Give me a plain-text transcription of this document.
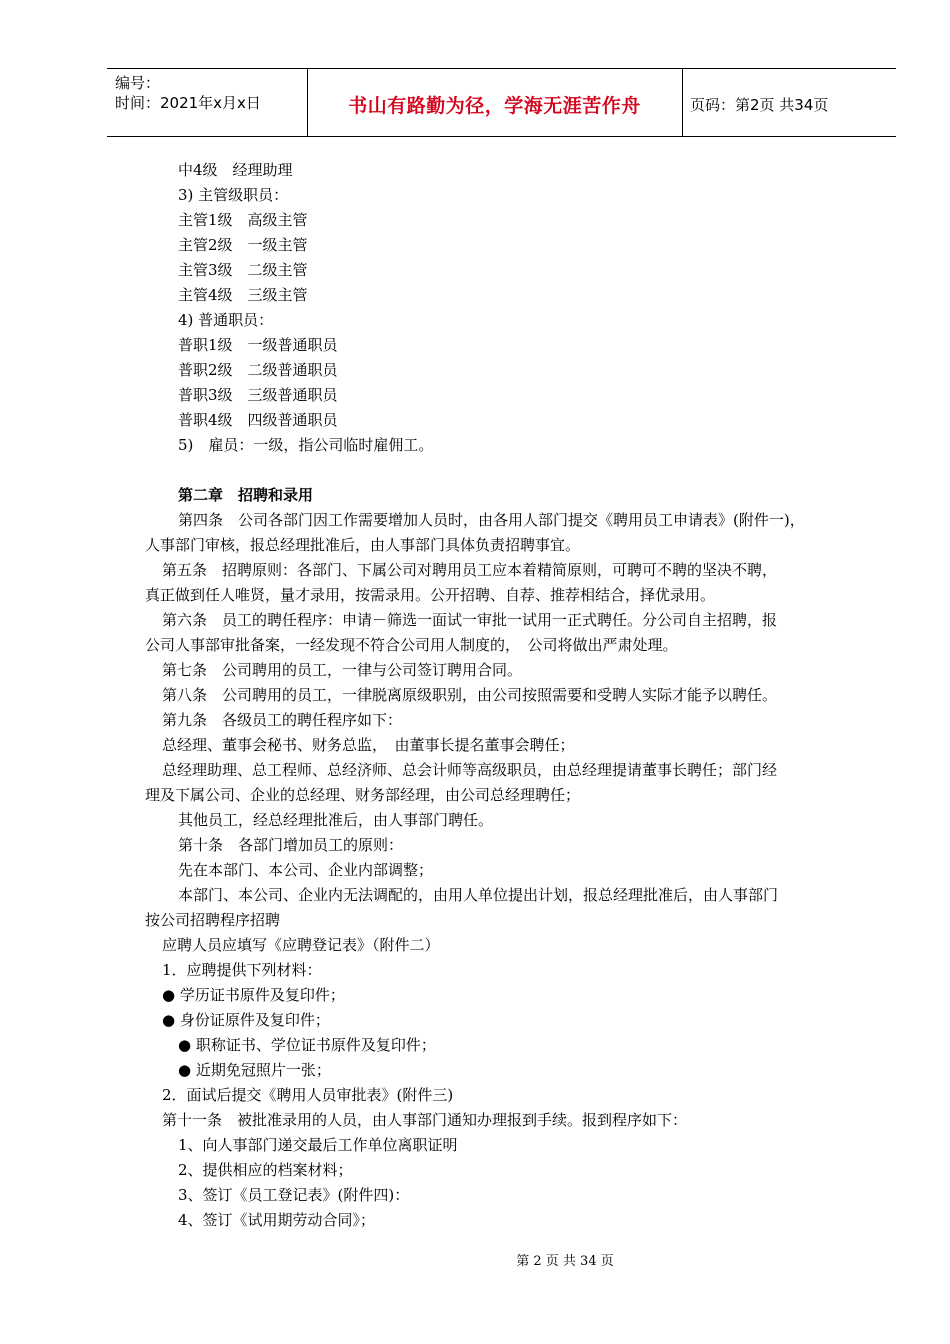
编号：
时间：2021年x月x日	书山有路勤为径，学海无涯苦作舟	页码：第2页 共34页
中4级　经理助理
3) 主管级职员：
主管1级　高级主管
主管2级　一级主管
主管3级　二级主管
主管4级　三级主管
4) 普通职员：
普职1级　一级普通职员
普职2级　二级普通职员
普职3级　三级普通职员
普职4级　四级普通职员
5)　雇员：一级，指公司临时雇佣工。
第二章　招聘和录用
第四条　公司各部门因工作需要增加人员时，由各用人部门提交《聘用员工申请表》(附件一)，
人事部门审核，报总经理批准后，由人事部门具体负责招聘事宜。
第五条　招聘原则：各部门、下属公司对聘用员工应本着精简原则，可聘可不聘的坚决不聘，
真正做到任人唯贤，量才录用，按需录用。公开招聘、自荐、推荐相结合，择优录用。
第六条　员工的聘任程序：申请－筛选一面试一审批一试用一正式聘任。分公司自主招聘，报
公司人事部审批备案，一经发现不符合公司用人制度的，　公司将做出严肃处理。
第七条　公司聘用的员工，一律与公司签订聘用合同。
第八条　公司聘用的员工，一律脱离原级职别，由公司按照需要和受聘人实际才能予以聘任。
第九条　各级员工的聘任程序如下：
总经理、董事会秘书、财务总监，　由董事长提名董事会聘任；
总经理助理、总工程师、总经济师、总会计师等高级职员，由总经理提请董事长聘任；部门经
理及下属公司、企业的总经理、财务部经理，由公司总经理聘任；
其他员工，经总经理批准后，由人事部门聘任。
第十条　各部门增加员工的原则：
先在本部门、本公司、企业内部调整；
本部门、本公司、企业内无法调配的，由用人单位提出计划，报总经理批准后，由人事部门
按公司招聘程序招聘
应聘人员应填写《应聘登记表》（附件二）
1．应聘提供下列材料：
● 学历证书原件及复印件；
● 身份证原件及复印件；
● 职称证书、学位证书原件及复印件；
● 近期免冠照片一张；
2．面试后提交《聘用人员审批表》(附件三)
第十一条　被批准录用的人员，由人事部门通知办理报到手续。报到程序如下：
1、向人事部门递交最后工作单位离职证明
2、提供相应的档案材料；
3、签订《员工登记表》(附件四)：
4、签订《试用期劳动合同》；
第 2 页 共 34 页
